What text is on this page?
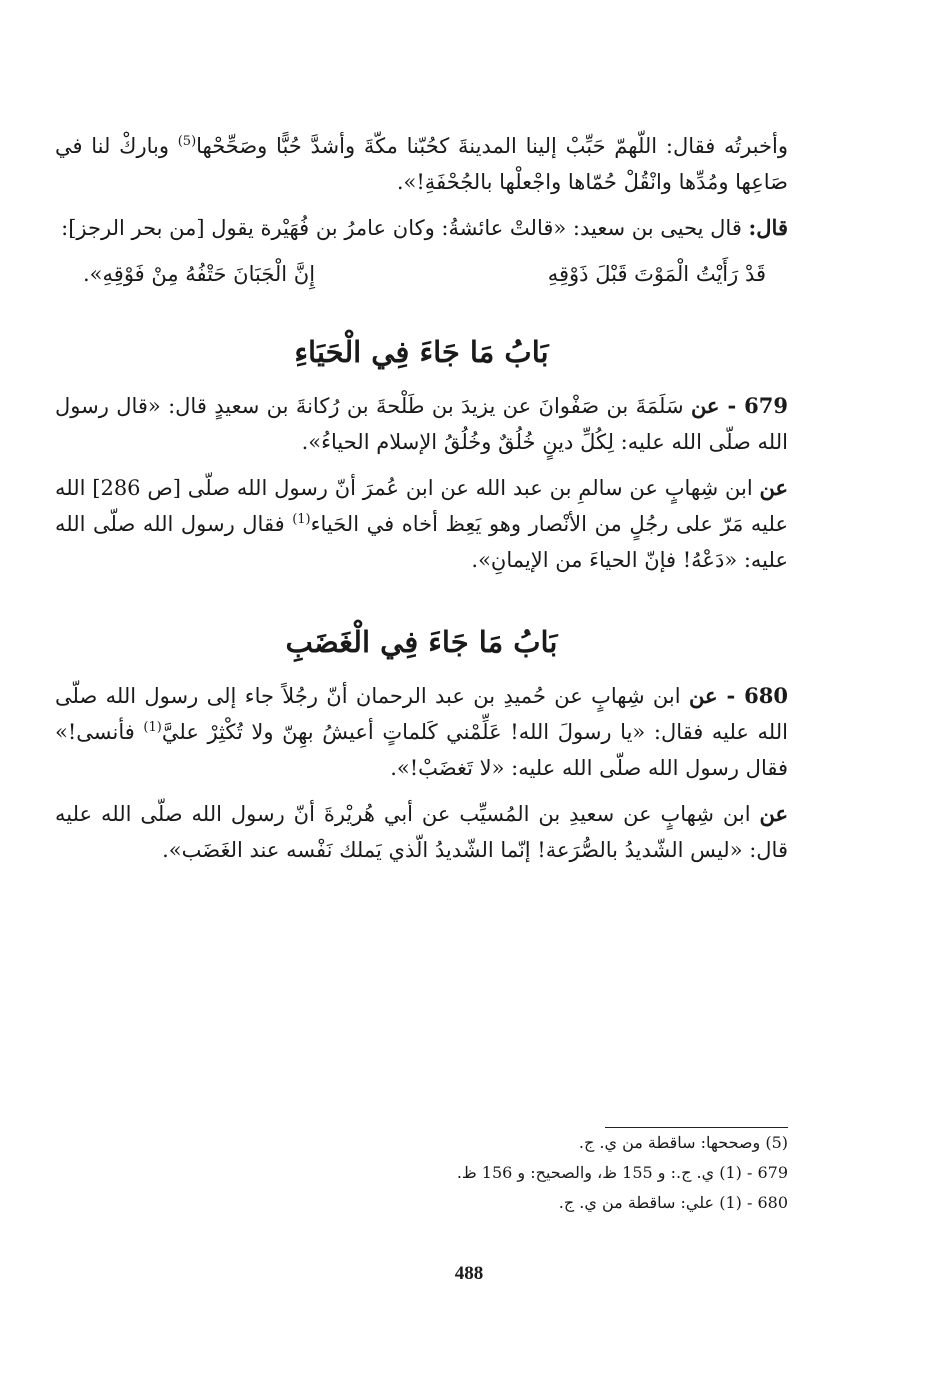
وأخبرتُه فقال: اللّهمّ حَبِّبْ إلينا المدينةَ كحُبّنا مكّةَ وأشدَّ حُبًّا وصَحِّحْها$^{(5)}$ وباركْ لنا في صَاعِها ومُدِّها وانْقُلْ حُمّاها واجْعلْها بالجُحْفَةِ!».

قال: قال يحيى بن سعيد: «قالتْ عائشةُ: وكان عامرُ بن فُهَيْرة يقول [من بحر الرجز]:

قَدْ رَأَيْتُ الْمَوْتَ قَبْلَ ذَوْقِهِ
إِنَّ الْجَبَانَ حَتْفُهُ مِنْ فَوْقِهِ».
بَابُ مَا جَاءَ فِي الْحَيَاءِ

679 - عن سَلَمَةَ بن صَفْوانَ عن يزيدَ بن طَلْحةَ بن رُكانةَ بن سعيدٍ قال: «قال رسول الله صلّى الله عليه: لِكُلِّ دينٍ خُلُقٌ وخُلُقُ الإسلام الحياءُ».

عن ابن شِهابٍ عن سالمِ بن عبد الله عن ابن عُمرَ أنّ رسول الله صلّى [ص 286] الله عليه مَرّ على رجُلٍ من الأنْصار وهو يَعِظ أخاه في الحَياء$^{(1)}$ فقال رسول الله صلّى الله عليه: «دَعْهُ! فإنّ الحياءَ من الإيمانِ».

بَابُ مَا جَاءَ فِي الْغَضَبِ

680 - عن ابن شِهابٍ عن حُميدِ بن عبد الرحمان أنّ رجُلاً جاء إلى رسول الله صلّى الله عليه فقال: «يا رسولَ الله! عَلِّمْني كَلماتٍ أعيشُ بهِنّ ولا تُكْثِرْ عليَّ$^{(1)}$ فأنسى!» فقال رسول الله صلّى الله عليه: «لا تَغضَبْ!».

عن ابن شِهابٍ عن سعيدِ بن المُسيِّب عن أبي هُريْرةَ أنّ رسول الله صلّى الله عليه قال: «ليس الشّديدُ بالصُّرَعة! إنّما الشّديدُ الّذي يَملك نَفْسه عند الغَضَب».

(5) وصححها: ساقطة من ي. ج.
679 - (1) ي. ج.: و 155 ظ، والصحيح: و 156 ظ.
680 - (1) علي: ساقطة من ي. ج.
488
